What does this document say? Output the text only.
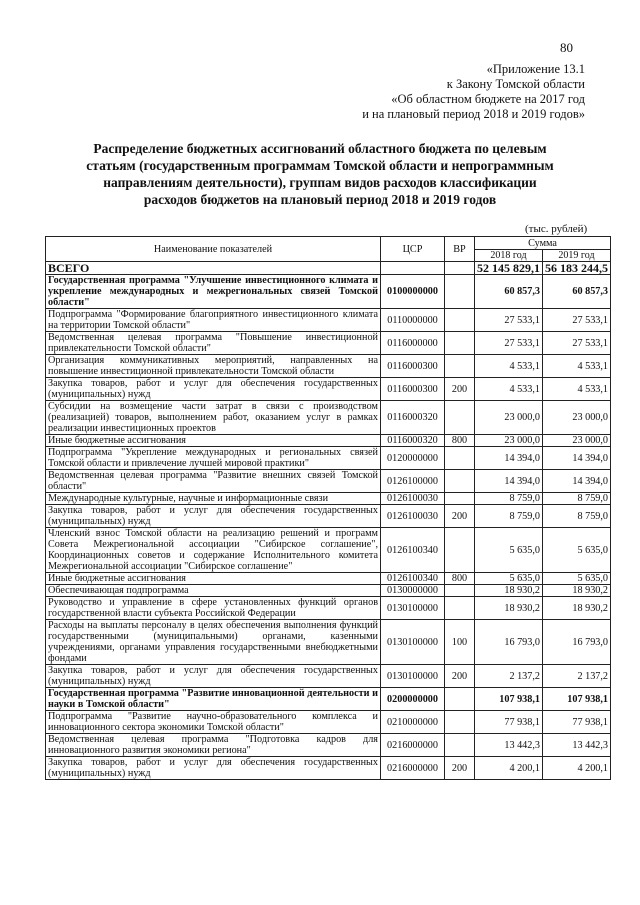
80
«Приложение 13.1
к Закону Томской области
«Об областном бюджете на 2017 год
и на плановый период 2018 и 2019 годов»
Распределение бюджетных ассигнований областного бюджета по целевым
статьям (государственным программам Томской области и непрограммным
направлениям деятельности), группам видов расходов классификации
расходов бюджетов на плановый период 2018 и 2019 годов
(тыс. рублей)
Наименование показателей	ЦСР	ВР	Сумма	
			2018 год	2019 год
ВСЕГО			52 145 829,1	56 183 244,5
Государственная программа "Улучшение инвестиционного климата и укрепление международных и межрегиональных связей Томской области"	0100000000		60 857,3	60 857,3
Подпрограмма "Формирование благоприятного инвестиционного климата на территории Томской области"	0110000000		27 533,1	27 533,1
Ведомственная целевая программа "Повышение инвестиционной привлекательности Томской области"	0116000000		27 533,1	27 533,1
Организация коммуникативных мероприятий, направленных на повышение инвестиционной привлекательности Томской области	0116000300		4 533,1	4 533,1
Закупка товаров, работ и услуг для обеспечения государственных (муниципальных) нужд	0116000300	200	4 533,1	4 533,1
Субсидии на возмещение части затрат в связи с производством (реализацией) товаров, выполнением работ, оказанием услуг в рамках реализации инвестиционных проектов	0116000320		23 000,0	23 000,0
Иные бюджетные ассигнования	0116000320	800	23 000,0	23 000,0
Подпрограмма "Укрепление международных и региональных связей Томской области и привлечение лучшей мировой практики"	0120000000		14 394,0	14 394,0
Ведомственная целевая программа "Развитие внешних связей Томской области"	0126100000		14 394,0	14 394,0
Международные культурные, научные и информационные связи	0126100030		8 759,0	8 759,0
Закупка товаров, работ и услуг для обеспечения государственных (муниципальных) нужд	0126100030	200	8 759,0	8 759,0
Членский взнос Томской области на реализацию решений и программ Совета Межрегиональной ассоциации "Сибирское соглашение", Координационных советов и содержание Исполнительного комитета Межрегиональной ассоциации "Сибирское соглашение"	0126100340		5 635,0	5 635,0
Иные бюджетные ассигнования	0126100340	800	5 635,0	5 635,0
Обеспечивающая подпрограмма	0130000000		18 930,2	18 930,2
Руководство и управление в сфере установленных функций органов государственной власти субъекта Российской Федерации	0130100000		18 930,2	18 930,2
Расходы на выплаты персоналу в целях обеспечения выполнения функций государственными (муниципальными) органами, казенными учреждениями, органами управления государственными внебюджетными фондами	0130100000	100	16 793,0	16 793,0
Закупка товаров, работ и услуг для обеспечения государственных (муниципальных) нужд	0130100000	200	2 137,2	2 137,2
Государственная программа "Развитие инновационной деятельности и науки в Томской области"	0200000000		107 938,1	107 938,1
Подпрограмма "Развитие научно-образовательного комплекса и инновационного сектора экономики Томской области"	0210000000		77 938,1	77 938,1
Ведомственная целевая программа "Подготовка кадров для инновационного развития экономики региона"	0216000000		13 442,3	13 442,3
Закупка товаров, работ и услуг для обеспечения государственных (муниципальных) нужд	0216000000	200	4 200,1	4 200,1
